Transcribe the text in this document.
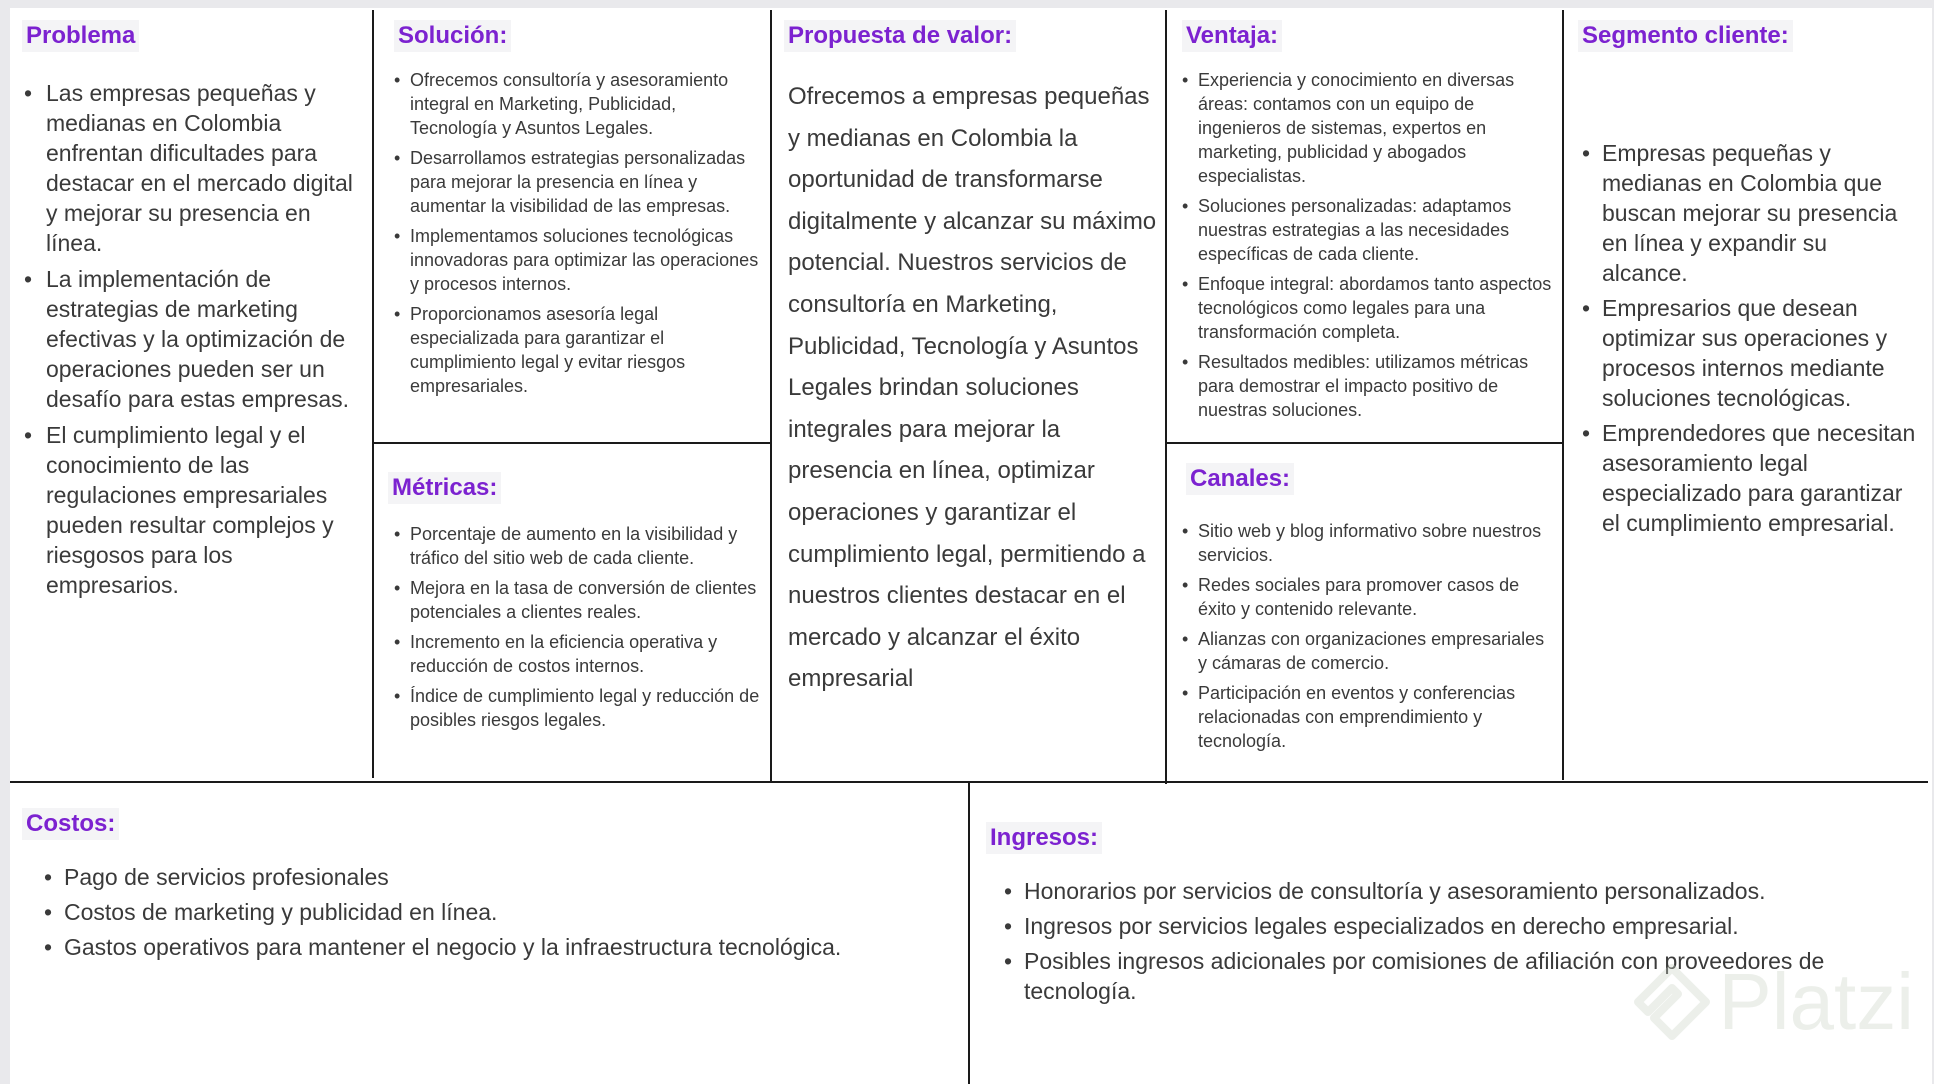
Problema
• Las empresas pequeñas y medianas en Colombia enfrentan dificultades para destacar en el mercado digital y mejorar su presencia en línea.
• La implementación de estrategias de marketing efectivas y la optimización de operaciones pueden ser un desafío para estas empresas.
• El cumplimiento legal y el conocimiento de las regulaciones empresariales pueden resultar complejos y riesgosos para los empresarios.
Solución:
• Ofrecemos consultoría y asesoramiento integral en Marketing, Publicidad, Tecnología y Asuntos Legales.
• Desarrollamos estrategias personalizadas para mejorar la presencia en línea y aumentar la visibilidad de las empresas.
• Implementamos soluciones tecnológicas innovadoras para optimizar las operaciones y procesos internos.
• Proporcionamos asesoría legal especializada para garantizar el cumplimiento legal y evitar riesgos empresariales.
Métricas:
• Porcentaje de aumento en la visibilidad y tráfico del sitio web de cada cliente.
• Mejora en la tasa de conversión de clientes potenciales a clientes reales.
• Incremento en la eficiencia operativa y reducción de costos internos.
• Índice de cumplimiento legal y reducción de posibles riesgos legales.
Propuesta de valor:

Ofrecemos a empresas pequeñas y medianas en Colombia la oportunidad de transformarse digitalmente y alcanzar su máximo potencial. Nuestros servicios de consultoría en Marketing, Publicidad, Tecnología y Asuntos Legales brindan soluciones integrales para mejorar la presencia en línea, optimizar operaciones y garantizar el cumplimiento legal, permitiendo a nuestros clientes destacar en el mercado y alcanzar el éxito empresarial

Ventaja:
• Experiencia y conocimiento en diversas áreas: contamos con un equipo de ingenieros de sistemas, expertos en marketing, publicidad y abogados especialistas.
• Soluciones personalizadas: adaptamos nuestras estrategias a las necesidades específicas de cada cliente.
• Enfoque integral: abordamos tanto aspectos tecnológicos como legales para una transformación completa.
• Resultados medibles: utilizamos métricas para demostrar el impacto positivo de nuestras soluciones.
Canales:
• Sitio web y blog informativo sobre nuestros servicios.
• Redes sociales para promover casos de éxito y contenido relevante.
• Alianzas con organizaciones empresariales y cámaras de comercio.
• Participación en eventos y conferencias relacionadas con emprendimiento y tecnología.
Segmento cliente:
• Empresas pequeñas y medianas en Colombia que buscan mejorar su presencia en línea y expandir su alcance.
• Empresarios que desean optimizar sus operaciones y procesos internos mediante soluciones tecnológicas.
• Emprendedores que necesitan asesoramiento legal especializado para garantizar el cumplimiento empresarial.
Costos:
• Pago de servicios profesionales
• Costos de marketing y publicidad en línea.
• Gastos operativos para mantener el negocio y la infraestructura tecnológica.
Ingresos:
• Honorarios por servicios de consultoría y asesoramiento personalizados.
• Ingresos por servicios legales especializados en derecho empresarial.
• Posibles ingresos adicionales por comisiones de afiliación con proveedores de tecnología.	Platzi
